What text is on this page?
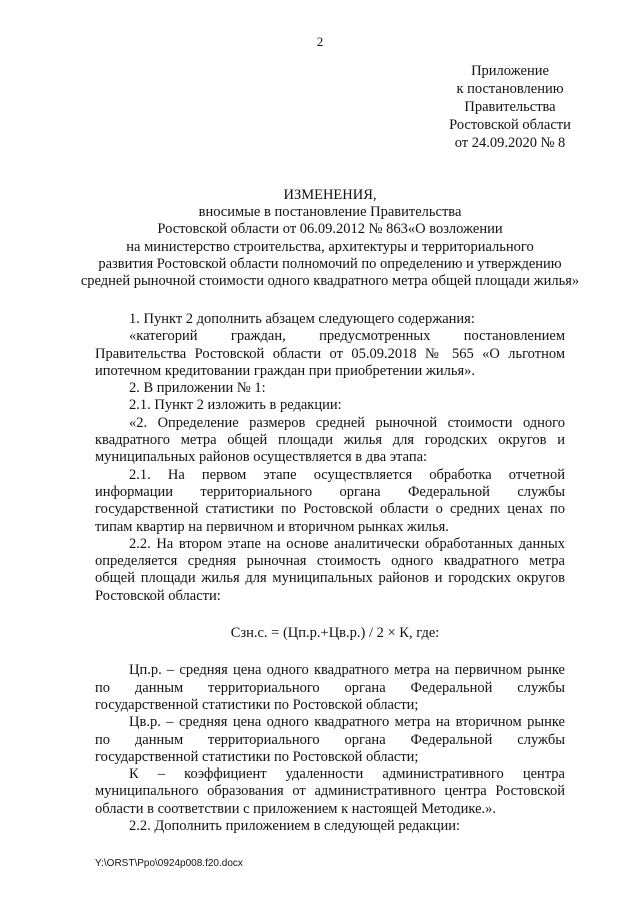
2
Приложение
к постановлению
Правительства
Ростовской области
от 24.09.2020 № 8
ИЗМЕНЕНИЯ,
вносимые в постановление Правительства
Ростовской области от 06.09.2012 № 863«О возложении
на министерство строительства, архитектуры и территориального
развития Ростовской области полномочий по определению и утверждению
средней рыночной стоимости одного квадратного метра общей площади жилья»

1. Пункт 2 дополнить абзацем следующего содержания:

«категорий граждан, предусмотренных постановлением Правительства Ростовской области от 05.09.2018 № 565 «О льготном ипотечном кредитовании граждан при приобретении жилья».

2. В приложении № 1:

2.1. Пункт 2 изложить в редакции:

«2. Определение размеров средней рыночной стоимости одного квадратного метра общей площади жилья для городских округов и муниципальных районов осуществляется в два этапа:

2.1. На первом этапе осуществляется обработка отчетной информации территориального органа Федеральной службы государственной статистики по Ростовской области о средних ценах по типам квартир на первичном и вторичном рынках жилья.

2.2. На втором этапе на основе аналитически обработанных данных определяется средняя рыночная стоимость одного квадратного метра общей площади жилья для муниципальных районов и городских округов Ростовской области:

Сзн.с. = (Цп.р.+Цв.р.) / 2 × К, где:

Цп.р. – средняя цена одного квадратного метра на первичном рынке по данным территориального органа Федеральной службы государственной статистики по Ростовской области;

Цв.р. – средняя цена одного квадратного метра на вторичном рынке по данным территориального органа Федеральной службы государственной статистики по Ростовской области;

К – коэффициент удаленности административного центра муниципального образования от административного центра Ростовской области в соответствии с приложением к настоящей Методике.».

2.2. Дополнить приложением в следующей редакции:

Y:\ORST\Ppo\0924p008.f20.docx
